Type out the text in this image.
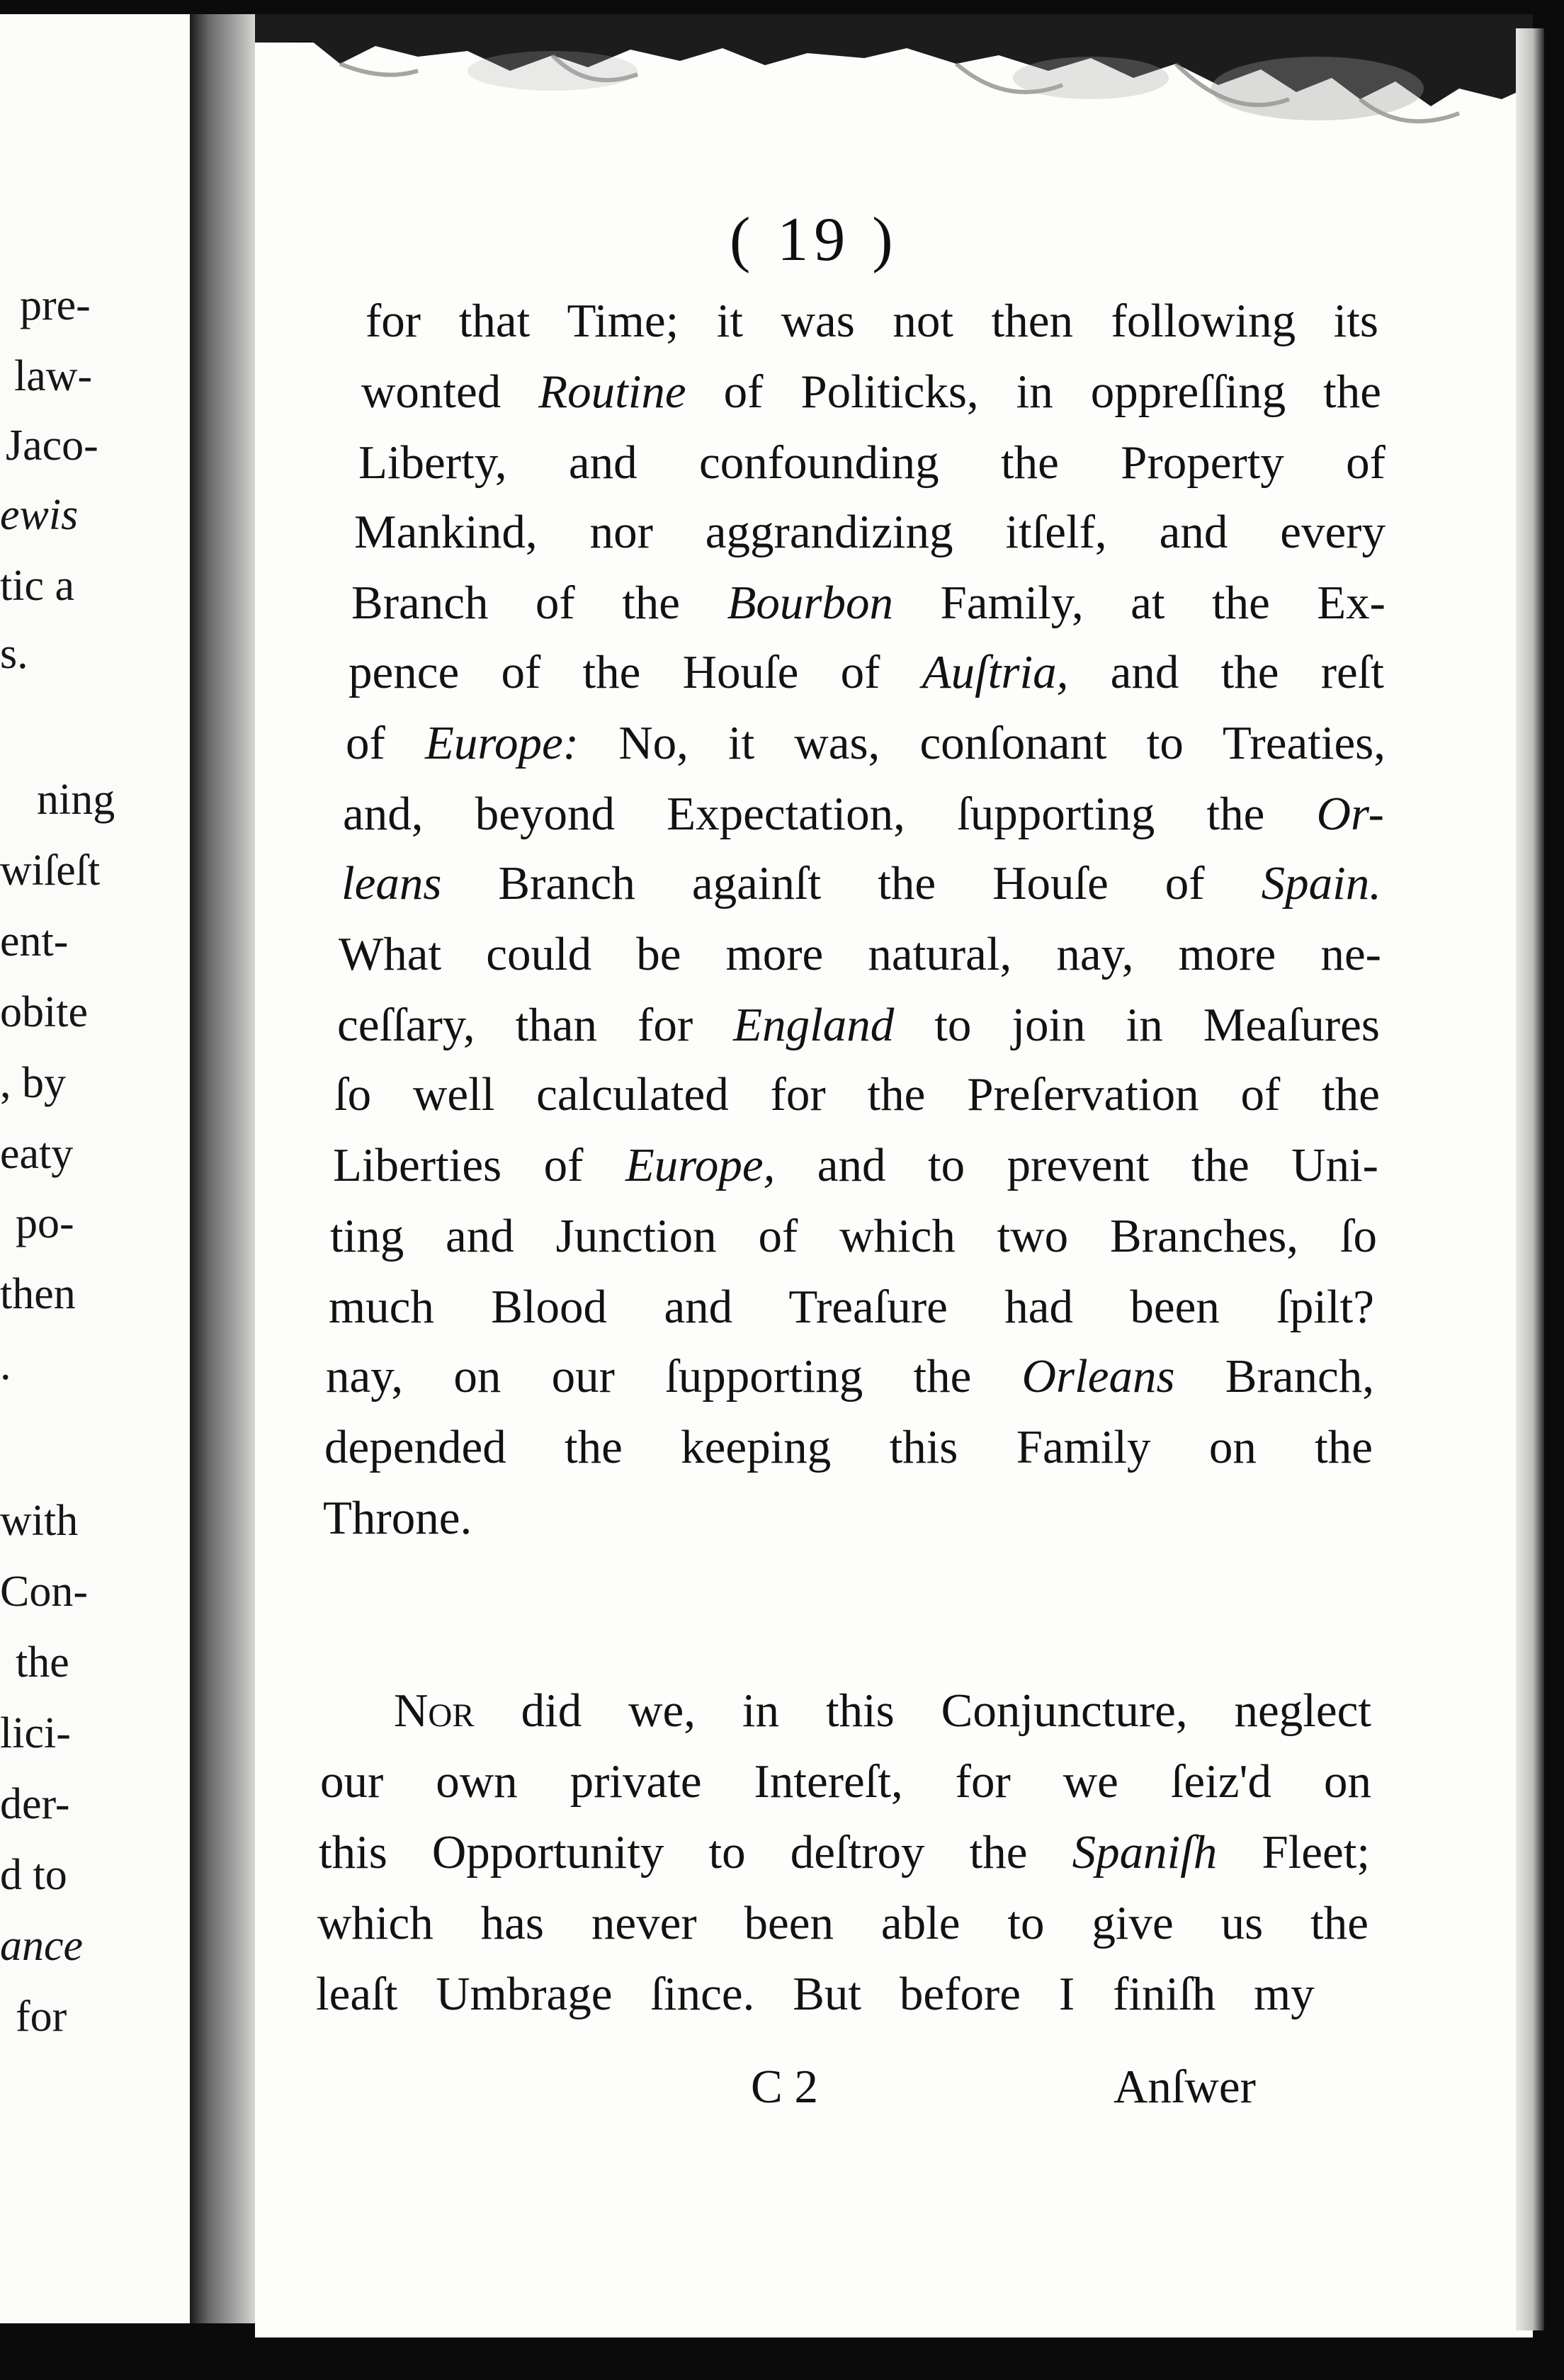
pre-
law-
Jaco-
ewis
tic a
s.
ning
wiſeſt
ent-
obite
, by
eaty
po-
then
.
with
Con-
the
lici-
der-
d to
ance
for
( 19 )
for that Time; it was not then following its
wonted Routine of Politicks, in oppreſſing the
Liberty, and confounding the Property of
Mankind, nor aggrandizing itſelf, and every
Branch of the Bourbon Family, at the Ex-
pence of the Houſe of Auſtria, and the reſt
of Europe: No, it was, conſonant to Treaties,
and, beyond Expectation, ſupporting the Or-
leans Branch againſt the Houſe of Spain.
What could be more natural, nay, more ne-
ceſſary, than for England to join in Meaſures
ſo well calculated for the Preſervation of the
Liberties of Europe, and to prevent the Uni-
ting and Junction of which two Branches, ſo
much Blood and Treaſure had been ſpilt?
nay, on our ſupporting the Orleans Branch,
depended the keeping this Family on the
Throne.
Nor did we, in this Conjuncture, neglect
our own private Intereſt, for we ſeiz'd on
this Opportunity to deſtroy the Spaniſh Fleet;
which has never been able to give us the
leaſt Umbrage ſince. But before I finiſh my
C 2	Anſwer
